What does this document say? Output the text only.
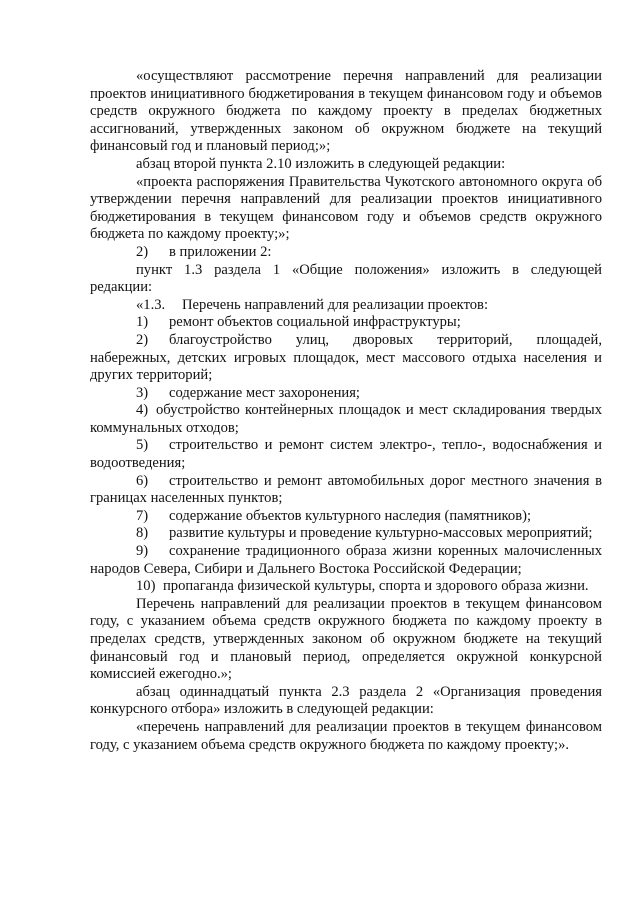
«осуществляют рассмотрение перечня направлений для реализации проектов инициативного бюджетирования в текущем финансовом году и объемов средств окружного бюджета по каждому проекту в пределах бюджетных ассигнований, утвержденных законом об окружном бюджете на текущий финансовый год и плановый период;»;

абзац второй пункта 2.10 изложить в следующей редакции:

«проекта распоряжения Правительства Чукотского автономного округа об утверждении перечня направлений для реализации проектов инициативного бюджетирования в текущем финансовом году и объемов средств окружного бюджета по каждому проекту;»;

2) в приложении 2:

пункт 1.3 раздела 1 «Общие положения» изложить в следующей редакции:

«1.3. Перечень направлений для реализации проектов:

1) ремонт объектов социальной инфраструктуры;

2) благоустройство улиц, дворовых территорий, площадей, набережных, детских игровых площадок, мест массового отдыха населения и других территорий;

3) содержание мест захоронения;

4) обустройство контейнерных площадок и мест складирования твердых коммунальных отходов;

5) строительство и ремонт систем электро-, тепло-, водоснабжения и водоотведения;

6) строительство и ремонт автомобильных дорог местного значения в границах населенных пунктов;

7) содержание объектов культурного наследия (памятников);

8) развитие культуры и проведение культурно-массовых мероприятий;

9) сохранение традиционного образа жизни коренных малочисленных народов Севера, Сибири и Дальнего Востока Российской Федерации;

10) пропаганда физической культуры, спорта и здорового образа жизни.

Перечень направлений для реализации проектов в текущем финансовом году, с указанием объема средств окружного бюджета по каждому проекту в пределах средств, утвержденных законом об окружном бюджете на текущий финансовый год и плановый период, определяется окружной конкурсной комиссией ежегодно.»;

абзац одиннадцатый пункта 2.3 раздела 2 «Организация проведения конкурсного отбора» изложить в следующей редакции:

«перечень направлений для реализации проектов в текущем финансовом году, с указанием объема средств окружного бюджета по каждому проекту;».
